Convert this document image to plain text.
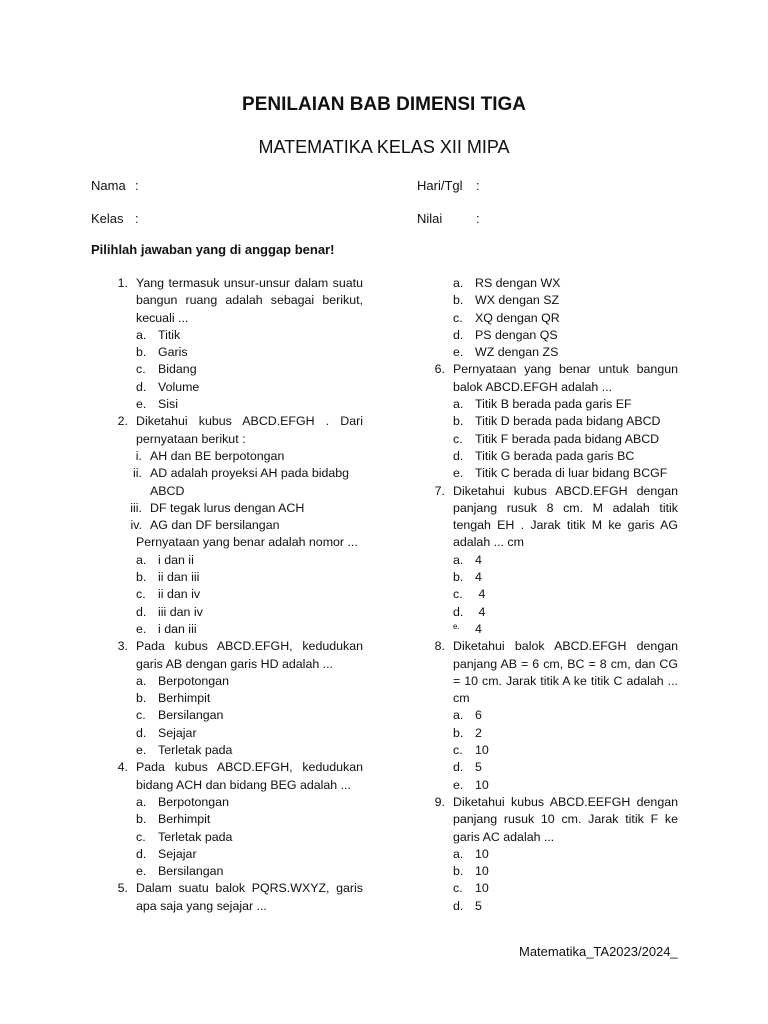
PENILAIAN BAB DIMENSI TIGA
MATEMATIKA KELAS XII MIPA
Nama :
Kelas :
Hari/Tgl :
Nilai	:
Pilihlah jawaban yang di anggap benar!
1. Yang termasuk unsur-unsur dalam suatu bangun ruang adalah sebagai berikut, kecuali ...
a. Titik
b. Garis
c. Bidang
d. Volume
e. Sisi
2. Diketahui kubus ABCD.EFGH . Dari pernyataan berikut :
i. AH dan BE berpotongan
ii. AD adalah proyeksi AH pada bidabg ABCD
iii. DF tegak lurus dengan ACH
iv. AG dan DF bersilangan
Pernyataan yang benar adalah nomor ...
a. i dan ii
b. ii dan iii
c. ii dan iv
d. iii dan iv
e. i dan iii
3. Pada kubus ABCD.EFGH, kedudukan garis AB dengan garis HD adalah ...
a. Berpotongan
b. Berhimpit
c. Bersilangan
d. Sejajar
e. Terletak pada
4. Pada kubus ABCD.EFGH, kedudukan bidang ACH dan bidang BEG adalah ...
a. Berpotongan
b. Berhimpit
c. Terletak pada
d. Sejajar
e. Bersilangan
5. Dalam suatu balok PQRS.WXYZ, garis apa saja yang sejajar ...
a. RS dengan WX
b. WX dengan SZ
c. XQ dengan QR
d. PS dengan QS
e. WZ dengan ZS
6. Pernyataan yang benar untuk bangun balok ABCD.EFGH adalah ...
a. Titik B berada pada garis EF
b. Titik D berada pada bidang ABCD
c. Titik F berada pada bidang ABCD
d. Titik G berada pada garis BC
e. Titik C berada di luar bidang BCGF
7. Diketahui kubus ABCD.EFGH dengan panjang rusuk 8 cm. M adalah titik tengah EH . Jarak titik M ke garis AG adalah ... cm
a. 4
b. 4
c. 4
d. 4
e.	4
8. Diketahui balok ABCD.EFGH dengan panjang AB = 6 cm, BC = 8 cm, dan CG = 10 cm. Jarak titik A ke titik C adalah ... cm
a. 6
b. 2
c. 10
d. 5
e. 10
9. Diketahui kubus ABCD.EEFGH dengan panjang rusuk 10 cm. Jarak titik F ke garis AC adalah ...
a. 10
b. 10
c. 10
d. 5
Matematika_TA2023/2024_
